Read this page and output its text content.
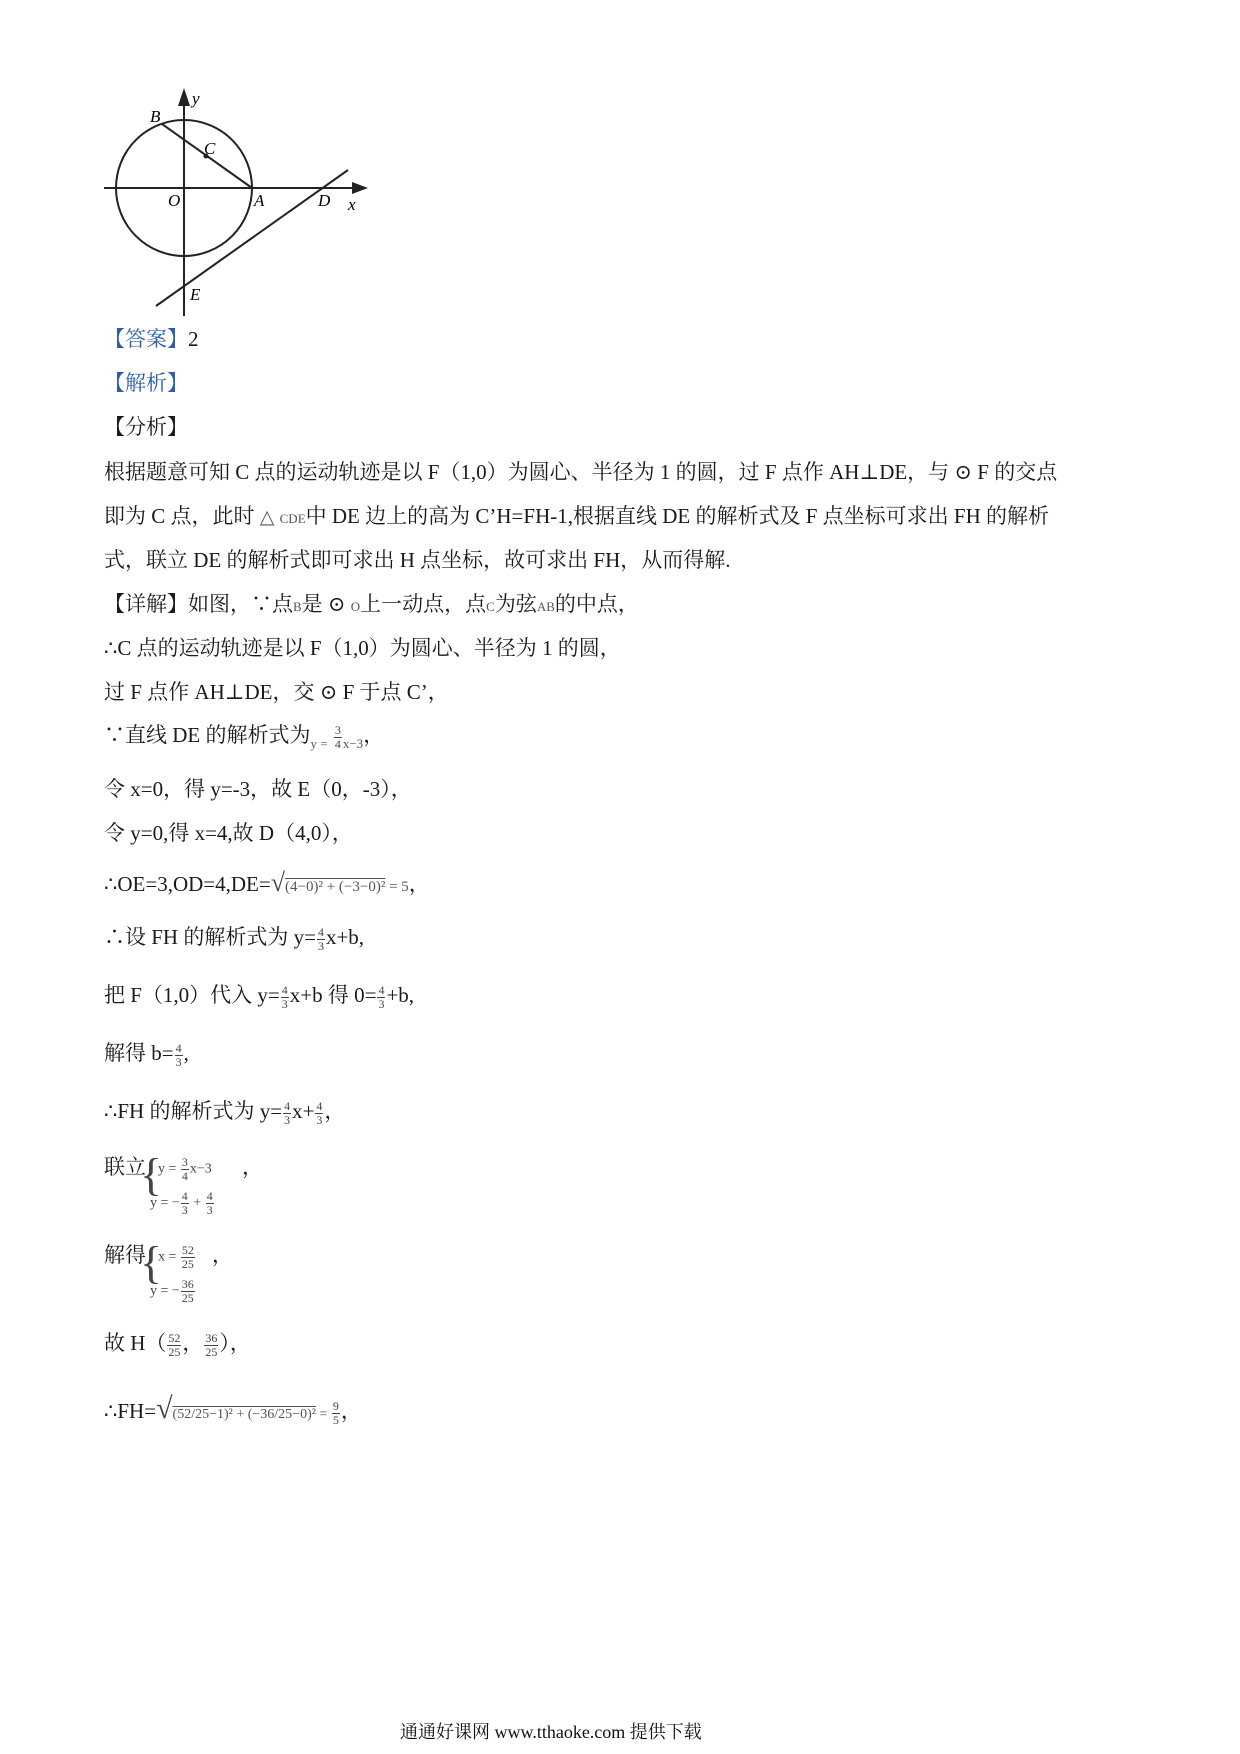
y
B
C
O	A	D x
E
【答案】2
【解析】
【分析】
根据题意可知 C 点的运动轨迹是以 F（1,0）为圆心、半径为 1 的圆，过 F 点作 AH⊥DE，与 ⊙ F 的交点
即为 C 点，此时 △ CDE中 DE 边上的高为 C’H=FH-1,根据直线 DE 的解析式及 F 点坐标可求出 FH 的解析
式，联立 DE 的解析式即可求出 H 点坐标，故可求出 FH，从而得解.
【详解】如图，∵点B是 ⊙ O上一动点，点C为弦AB的中点，
∴C 点的运动轨迹是以 F（1,0）为圆心、半径为 1 的圆，
过 F 点作 AH⊥DE，交 ⊙ F 于点 C’，
∵直线 DE 的解析式为$_{y =} \frac{3}{4} _{x-3}$，
令 x=0，得 y=-3，故 E（0，-3），
令 y=0,得 x=4,故 D（4,0），
∴OE=3,OD=4,DE=√(4−0)² + (−3−0)² = 5，
∴设 FH 的解析式为 $y= \frac{4}{3} x+b$,
把 F（1,0）代入 $y= \frac{4}{3} x+b$ 得 $0= \frac{4}{3} +b$,
解得 $b= \frac{4}{3}$ ,
∴FH 的解析式为 $y= \frac{4}{3} x+ \frac{4}{3}$ ，
联立
{
$y = \frac{3}{4} x-3$ ，
y = − $\frac{4}{3} + \frac{4}{3}$
解得
{
$x = \frac{52}{25}$ ，
y = − $\frac{36}{25}$
故 $H( \frac{52}{25}$ ， $\frac{36}{25}$ ），
∴FH=√(52/25−1)² + $(-36/25-0)^2 = \frac{9}{5}$ ，
通通好课网 www.tthaoke.com 提供下载
